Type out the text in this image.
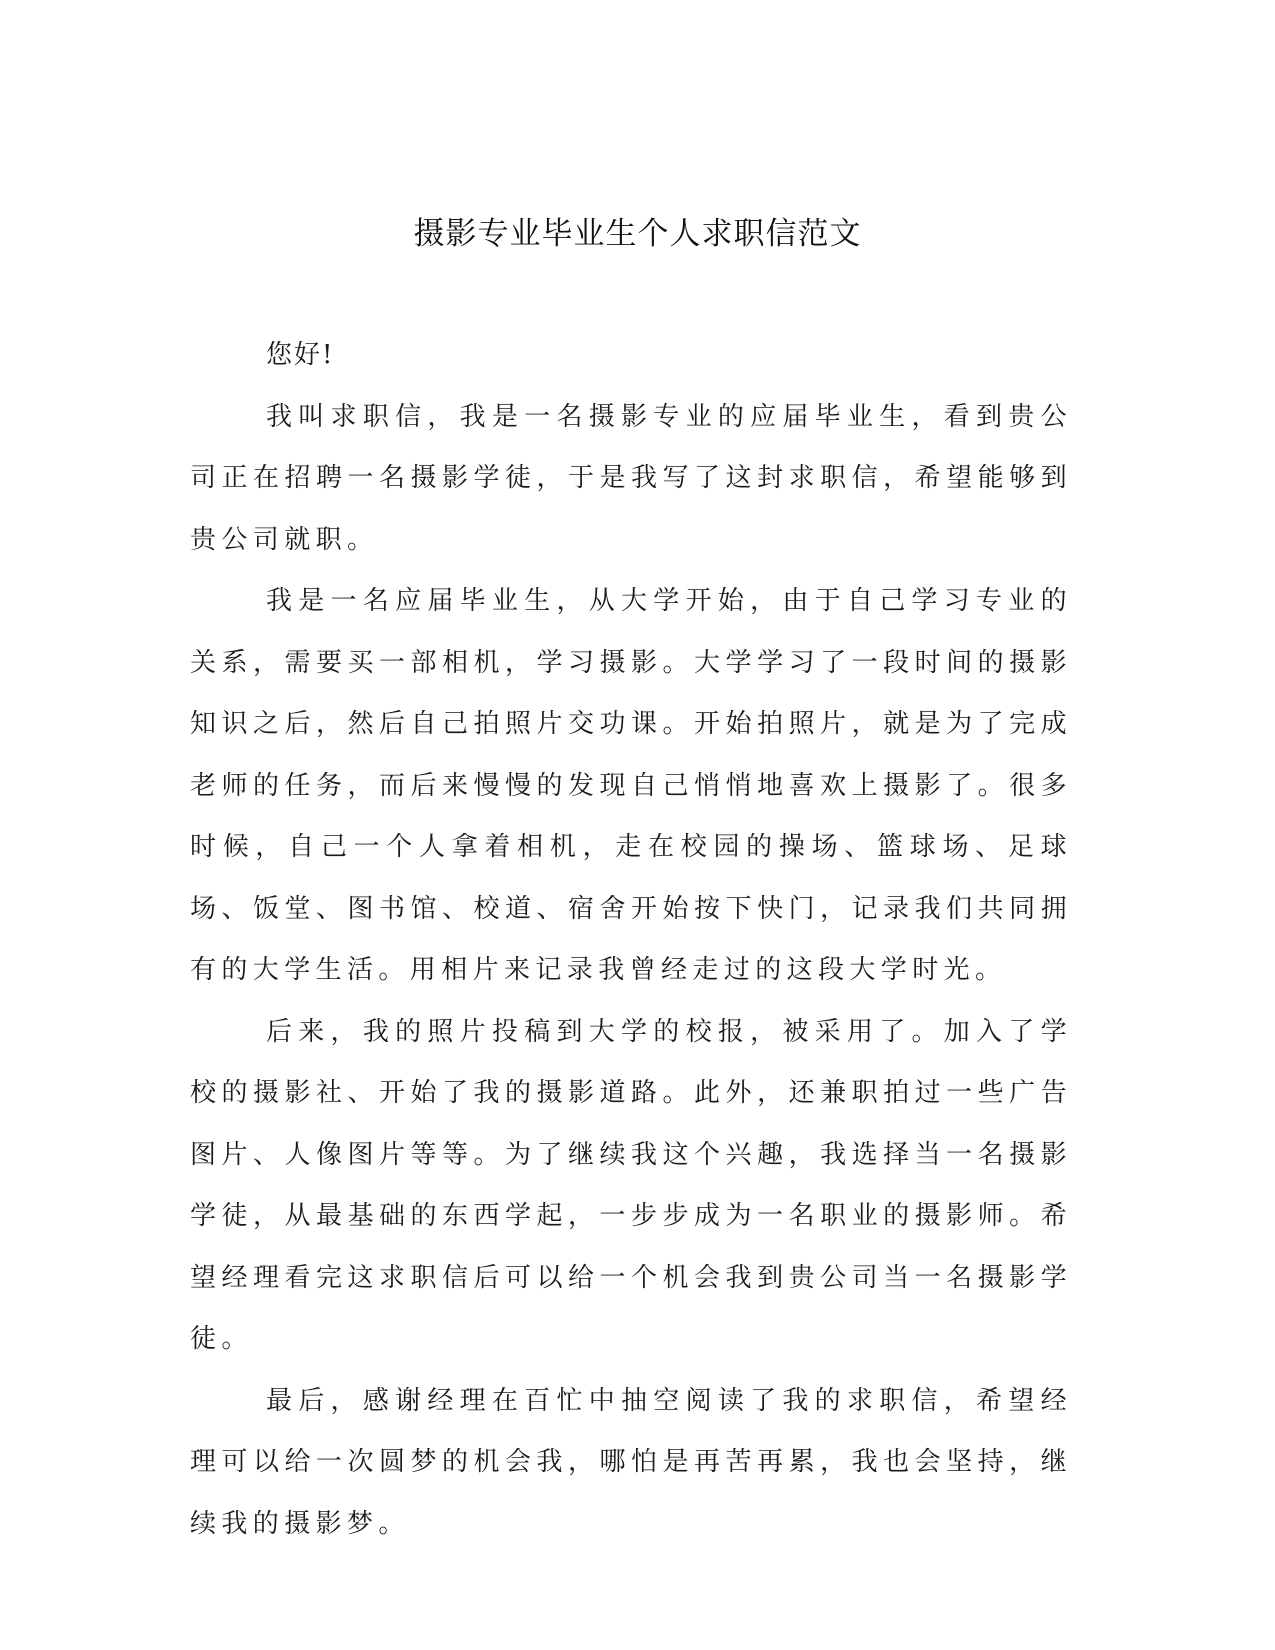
摄影专业毕业生个人求职信范文

您好!

我叫求职信，我是一名摄影专业的应届毕业生，看到贵公司正在招聘一名摄影学徒，于是我写了这封求职信，希望能够到贵公司就职。

我是一名应届毕业生，从大学开始，由于自己学习专业的关系，需要买一部相机，学习摄影。大学学习了一段时间的摄影知识之后，然后自己拍照片交功课。开始拍照片，就是为了完成老师的任务，而后来慢慢的发现自己悄悄地喜欢上摄影了。很多时候，自己一个人拿着相机，走在校园的操场、篮球场、足球场、饭堂、图书馆、校道、宿舍开始按下快门，记录我们共同拥有的大学生活。用相片来记录我曾经走过的这段大学时光。

后来，我的照片投稿到大学的校报，被采用了。加入了学校的摄影社、开始了我的摄影道路。此外，还兼职拍过一些广告图片、人像图片等等。为了继续我这个兴趣，我选择当一名摄影学徒，从最基础的东西学起，一步步成为一名职业的摄影师。希望经理看完这求职信后可以给一个机会我到贵公司当一名摄影学徒。

最后，感谢经理在百忙中抽空阅读了我的求职信，希望经理可以给一次圆梦的机会我，哪怕是再苦再累，我也会坚持，继续我的摄影梦。
